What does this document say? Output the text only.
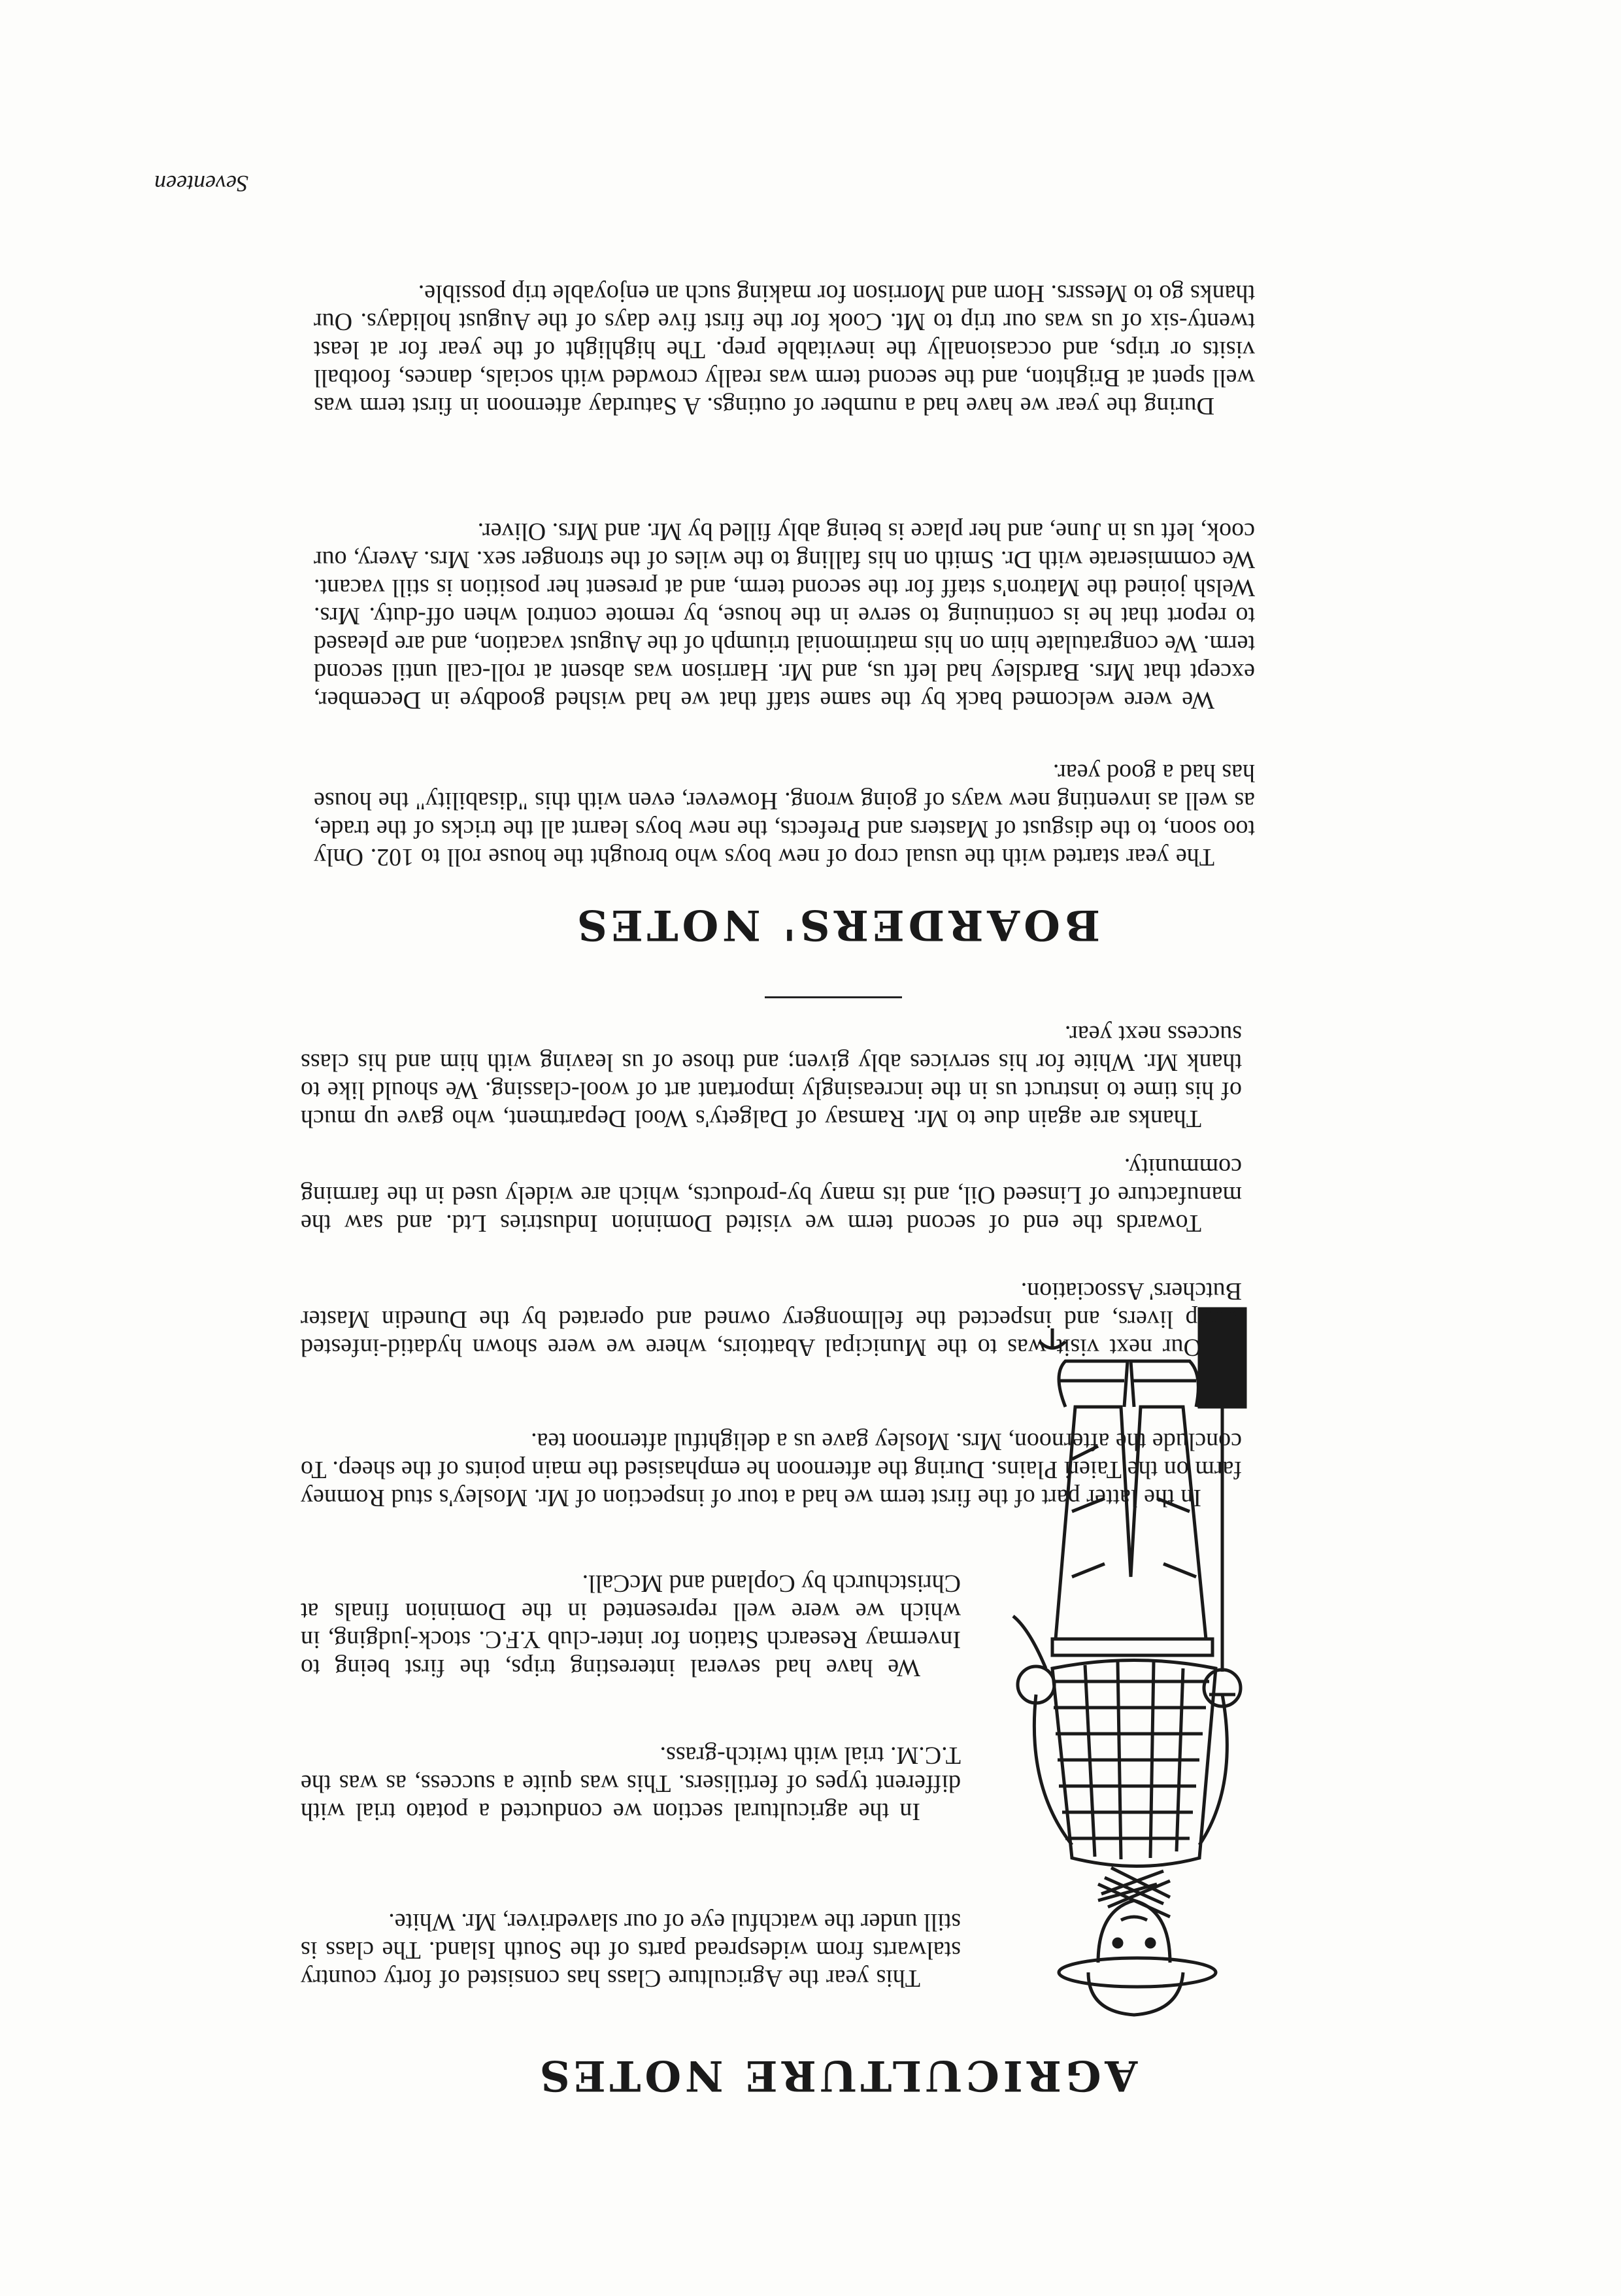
AGRICULTURE NOTES

This year the Agriculture Class has consisted of forty country stalwarts from widespread parts of the South Island. The class is still under the watchful eye of our slavedriver, Mr. White.

In the agricultural section we conducted a potato trial with different types of fertilisers. This was quite a success, as was the T.C.M. trial with twitch-grass.

We have had several interesting trips, the first being to Invermay Research Station for inter-club Y.F.C. stock-judging, in which we were well represented in the Dominion finals at Christchurch by Copland and McCall.

In the latter part of the first term we had a tour of inspection of Mr. Mosley's stud Romney farm on the Taieri Plains. During the afternoon he emphasised the main points of the sheep. To conclude the afternoon, Mrs. Mosley gave us a delightful afternoon tea.

Our next visit was to the Municipal Abattoirs, where we were shown hydatid-infested sheep livers, and inspected the fellmongery owned and operated by the Dunedin Master Butchers' Association.

Towards the end of second term we visited Dominion Industries Ltd. and saw the manufacture of Linseed Oil, and its many by-products, which are widely used in the farming community.

Thanks are again due to Mr. Ramsay of Dalgety's Wool Department, who gave up much of his time to instruct us in the increasingly important art of wool-classing. We should like to thank Mr. White for his services ably given; and those of us leaving with him and his class success next year.

BOARDERS' NOTES

The year started with the usual crop of new boys who brought the house roll to 102. Only too soon, to the disgust of Masters and Prefects, the new boys learnt all the tricks of the trade, as well as inventing new ways of going wrong. However, even with this "disability" the house has had a good year.

We were welcomed back by the same staff that we had wished goodbye in December, except that Mrs. Bardsley had left us, and Mr. Harrison was absent at roll-call until second term. We congratulate him on his matrimonial triumph of the August vacation, and are pleased to report that he is continuing to serve in the house, by remote control when off-duty. Mrs. Welsh joined the Matron's staff for the second term, and at present her position is still vacant. We commiserate with Dr. Smith on his falling to the wiles of the stronger sex. Mrs. Avery, our cook, left us in June, and her place is being ably filled by Mr. and Mrs. Oliver.

During the year we have had a number of outings. A Saturday afternoon in first term was well spent at Brighton, and the second term was really crowded with socials, dances, football visits or trips, and occasionally the inevitable prep. The highlight of the year for at least twenty-six of us was our trip to Mt. Cook for the first five days of the August holidays. Our thanks go to Messrs. Horn and Morrison for making such an enjoyable trip possible.

Seventeen
